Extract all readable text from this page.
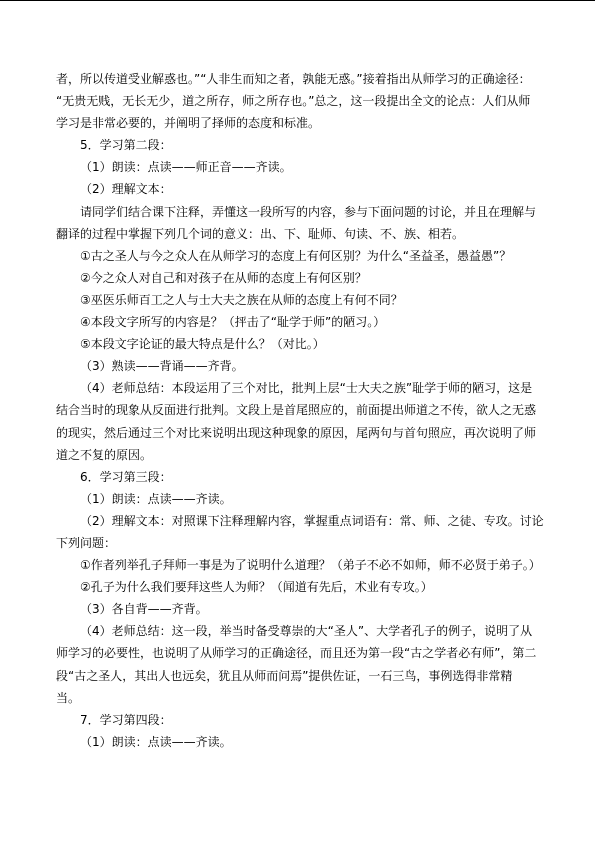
者，所以传道受业解惑也。”“人非生而知之者，孰能无惑。”接着指出从师学习的正确途径：
“无贵无贱，无长无少，道之所存，师之所存也。”总之，这一段提出全文的论点：人们从师
学习是非常必要的，并阐明了择师的态度和标准。
5．学习第二段：
（1）朗读：点读——师正音——齐读。
（2）理解文本：
请同学们结合课下注释，弄懂这一段所写的内容，参与下面问题的讨论，并且在理解与
翻译的过程中掌握下列几个词的意义：出、下、耻师、句读、不、族、相若。
①古之圣人与今之众人在从师学习的态度上有何区别？为什么“圣益圣，愚益愚”？
②今之众人对自己和对孩子在从师的态度上有何区别？
③巫医乐师百工之人与士大夫之族在从师的态度上有何不同？
④本段文字所写的内容是？（抨击了“耻学于师”的陋习。）
⑤本段文字论证的最大特点是什么？（对比。）
（3）熟读——背诵——齐背。
（4）老师总结：本段运用了三个对比，批判上层“士大夫之族”耻学于师的陋习，这是
结合当时的现象从反面进行批判。文段上是首尾照应的，前面提出师道之不传，欲人之无惑
的现实，然后通过三个对比来说明出现这种现象的原因，尾两句与首句照应，再次说明了师
道之不复的原因。
6．学习第三段：
（1）朗读：点读——齐读。
（2）理解文本：对照课下注释理解内容，掌握重点词语有：常、师、之徒、专攻。讨论
下列问题：
①作者列举孔子拜师一事是为了说明什么道理？（弟子不必不如师，师不必贤于弟子。）
②孔子为什么我们要拜这些人为师？（闻道有先后，术业有专攻。）
（3）各自背——齐背。
（4）老师总结：这一段，举当时备受尊崇的大“圣人”、大学者孔子的例子，说明了从
师学习的必要性，也说明了从师学习的正确途径，而且还为第一段“古之学者必有师”，第二
段“古之圣人，其出人也远矣，犹且从师而问焉”提供佐证，一石三鸟，事例选得非常精
当。
7．学习第四段：
（1）朗读：点读——齐读。
